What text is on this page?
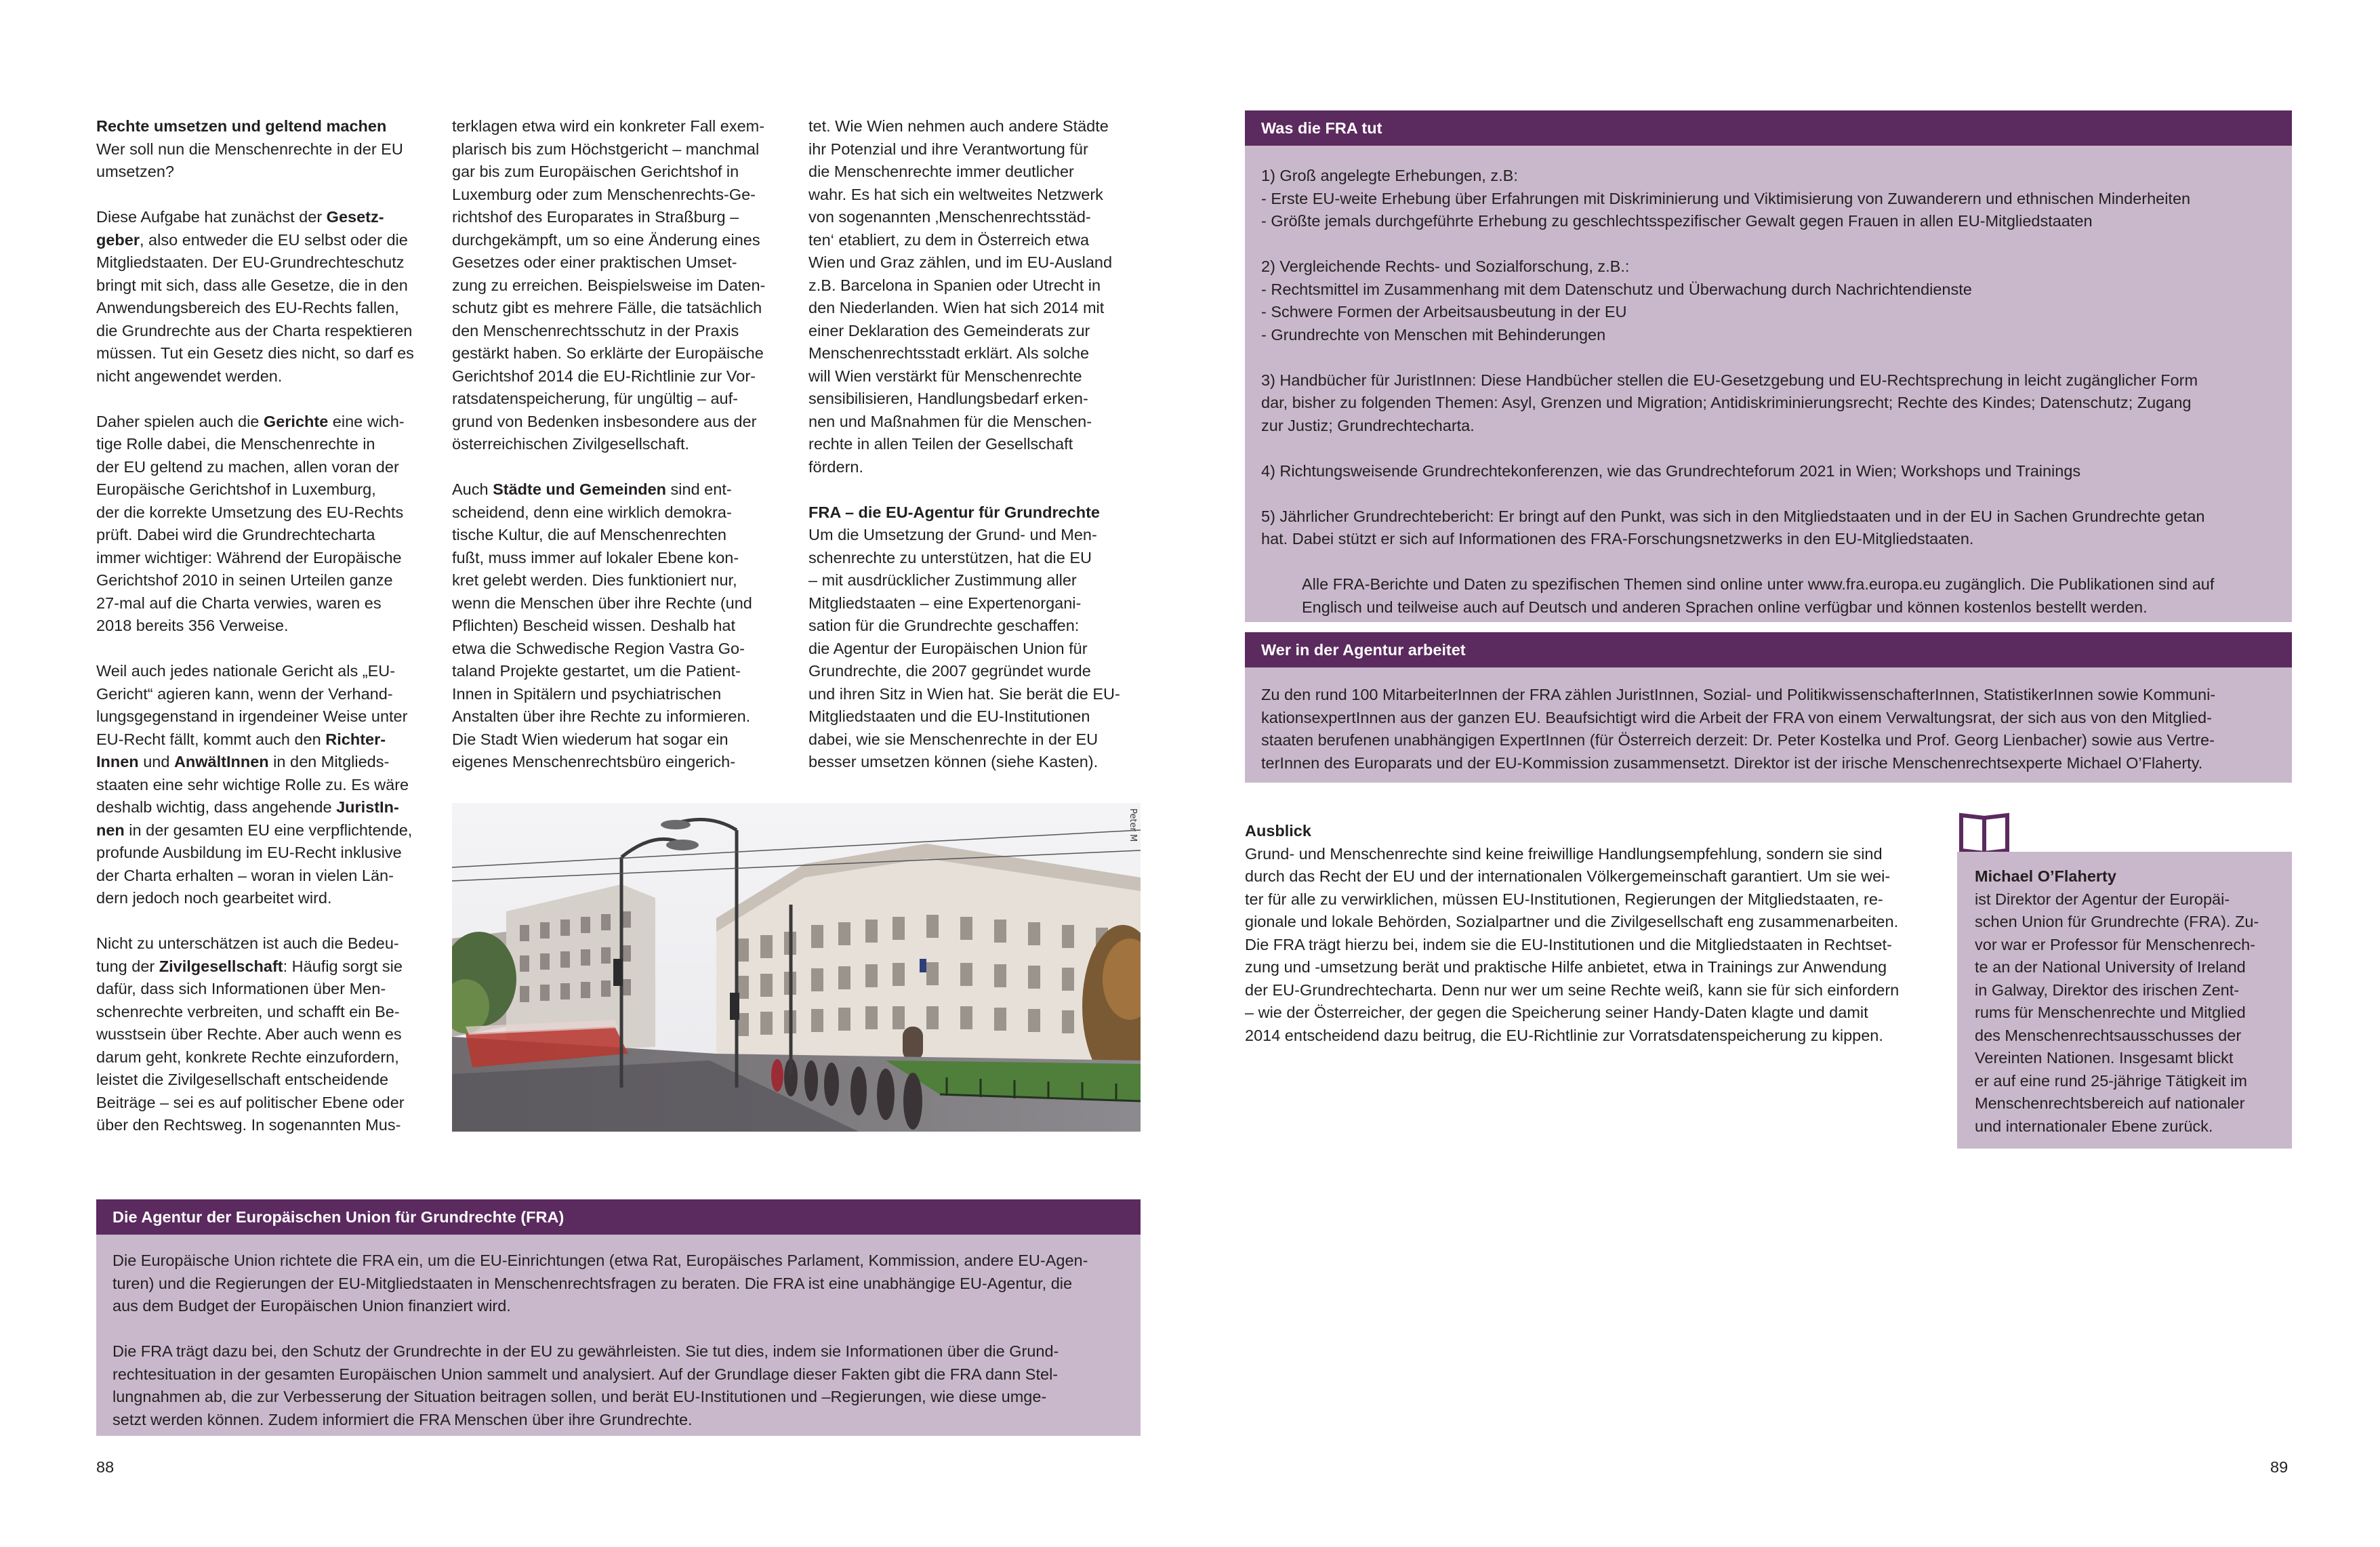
Rechte umsetzen und geltend machen
Wer soll nun die Menschenrechte in der EU
umsetzen?

Diese Aufgabe hat zunächst der Gesetz-
geber, also entweder die EU selbst oder die
Mitgliedstaaten. Der EU-Grundrechteschutz
bringt mit sich, dass alle Gesetze, die in den
Anwendungsbereich des EU-Rechts fallen,
die Grundrechte aus der Charta respektieren
müssen. Tut ein Gesetz dies nicht, so darf es
nicht angewendet werden.

Daher spielen auch die Gerichte eine wich-
tige Rolle dabei, die Menschenrechte in
der EU geltend zu machen, allen voran der
Europäische Gerichtshof in Luxemburg,
der die korrekte Umsetzung des EU-Rechts
prüft. Dabei wird die Grundrechtecharta
immer wichtiger: Während der Europäische
Gerichtshof 2010 in seinen Urteilen ganze
27-mal auf die Charta verwies, waren es
2018 bereits 356 Verweise.

Weil auch jedes nationale Gericht als „EU-
Gericht“ agieren kann, wenn der Verhand-
lungsgegenstand in irgendeiner Weise unter
EU-Recht fällt, kommt auch den Richter-
Innen und AnwältInnen in den Mitglieds-
staaten eine sehr wichtige Rolle zu. Es wäre
deshalb wichtig, dass angehende JuristIn-
nen in der gesamten EU eine verpflichtende,
profunde Ausbildung im EU-Recht inklusive
der Charta erhalten – woran in vielen Län-
dern jedoch noch gearbeitet wird.

Nicht zu unterschätzen ist auch die Bedeu-
tung der Zivilgesellschaft: Häufig sorgt sie
dafür, dass sich Informationen über Men-
schenrechte verbreiten, und schafft ein Be-
wusstsein über Rechte. Aber auch wenn es
darum geht, konkrete Rechte einzufordern,
leistet die Zivilgesellschaft entscheidende
Beiträge – sei es auf politischer Ebene oder
über den Rechtsweg. In sogenannten Mus-

terklagen etwa wird ein konkreter Fall exem-
plarisch bis zum Höchstgericht – manchmal
gar bis zum Europäischen Gerichtshof in
Luxemburg oder zum Menschenrechts-Ge-
richtshof des Europarates in Straßburg –
durchgekämpft, um so eine Änderung eines
Gesetzes oder einer praktischen Umset-
zung zu erreichen. Beispielsweise im Daten-
schutz gibt es mehrere Fälle, die tatsächlich
den Menschenrechtsschutz in der Praxis
gestärkt haben. So erklärte der Europäische
Gerichtshof 2014 die EU-Richtlinie zur Vor-
ratsdatenspeicherung, für ungültig – auf-
grund von Bedenken insbesondere aus der
österreichischen Zivilgesellschaft.

Auch Städte und Gemeinden sind ent-
scheidend, denn eine wirklich demokra-
tische Kultur, die auf Menschenrechten
fußt, muss immer auf lokaler Ebene kon-
kret gelebt werden. Dies funktioniert nur,
wenn die Menschen über ihre Rechte (und
Pflichten) Bescheid wissen. Deshalb hat
etwa die Schwedische Region Vastra Go-
taland Projekte gestartet, um die Patient-
Innen in Spitälern und psychiatrischen
Anstalten über ihre Rechte zu informieren.
Die Stadt Wien wiederum hat sogar ein
eigenes Menschenrechtsbüro eingerich-

tet. Wie Wien nehmen auch andere Städte
ihr Potenzial und ihre Verantwortung für
die Menschenrechte immer deutlicher
wahr. Es hat sich ein weltweites Netzwerk
von sogenannten ‚Menschenrechtsstäd-
ten‘ etabliert, zu dem in Österreich etwa
Wien und Graz zählen, und im EU-Ausland
z.B. Barcelona in Spanien oder Utrecht in
den Niederlanden. Wien hat sich 2014 mit
einer Deklaration des Gemeinderats zur
Menschenrechtsstadt erklärt. Als solche
will Wien verstärkt für Menschenrechte
sensibilisieren, Handlungsbedarf erken-
nen und Maßnahmen für die Menschen-
rechte in allen Teilen der Gesellschaft
fördern.

FRA – die EU-Agentur für Grundrechte
Um die Umsetzung der Grund- und Men-
schenrechte zu unterstützen, hat die EU
– mit ausdrücklicher Zustimmung aller
Mitgliedstaaten – eine Expertenorgani-
sation für die Grundrechte geschaffen:
die Agentur der Europäischen Union für
Grundrechte, die 2007 gegründet wurde
und ihren Sitz in Wien hat. Sie berät die EU-
Mitgliedstaaten und die EU-Institutionen
dabei, wie sie Menschenrechte in der EU
besser umsetzen können (siehe Kasten).

Peter M
Die Agentur der Europäischen Union für Grundrechte (FRA)

Die Europäische Union richtete die FRA ein, um die EU-Einrichtungen (etwa Rat, Europäisches Parlament, Kommission, andere EU-Agen-
turen) und die Regierungen der EU-Mitgliedstaaten in Menschenrechtsfragen zu beraten. Die FRA ist eine unabhängige EU-Agentur, die
aus dem Budget der Europäischen Union finanziert wird.

Die FRA trägt dazu bei, den Schutz der Grundrechte in der EU zu gewährleisten. Sie tut dies, indem sie Informationen über die Grund-
rechtesituation in der gesamten Europäischen Union sammelt und analysiert. Auf der Grundlage dieser Fakten gibt die FRA dann Stel-
lungnahmen ab, die zur Verbesserung der Situation beitragen sollen, und berät EU-Institutionen und –Regierungen, wie diese umge-
setzt werden können. Zudem informiert die FRA Menschen über ihre Grundrechte.

88
Was die FRA tut

1) Groß angelegte Erhebungen, z.B:
- Erste EU-weite Erhebung über Erfahrungen mit Diskriminierung und Viktimisierung von Zuwanderern und ethnischen Minderheiten
- Größte jemals durchgeführte Erhebung zu geschlechtsspezifischer Gewalt gegen Frauen in allen EU-Mitgliedstaaten

2) Vergleichende Rechts- und Sozialforschung, z.B.:
- Rechtsmittel im Zusammenhang mit dem Datenschutz und Überwachung durch Nachrichtendienste
- Schwere Formen der Arbeitsausbeutung in der EU
- Grundrechte von Menschen mit Behinderungen

3) Handbücher für JuristInnen: Diese Handbücher stellen die EU-Gesetzgebung und EU-Rechtsprechung in leicht zugänglicher Form
dar, bisher zu folgenden Themen: Asyl, Grenzen und Migration; Antidiskriminierungsrecht; Rechte des Kindes; Datenschutz; Zugang
zur Justiz; Grundrechtecharta.

4) Richtungsweisende Grundrechtekonferenzen, wie das Grundrechteforum 2021 in Wien; Workshops und Trainings

5) Jährlicher Grundrechtebericht: Er bringt auf den Punkt, was sich in den Mitgliedstaaten und in der EU in Sachen Grundrechte getan
hat. Dabei stützt er sich auf Informationen des FRA-Forschungsnetzwerks in den EU-Mitgliedstaaten.

Alle FRA-Berichte und Daten zu spezifischen Themen sind online unter www.fra.europa.eu zugänglich. Die Publikationen sind auf
Englisch und teilweise auch auf Deutsch und anderen Sprachen online verfügbar und können kostenlos bestellt werden.

Wer in der Agentur arbeitet

Zu den rund 100 MitarbeiterInnen der FRA zählen JuristInnen, Sozial- und PolitikwissenschafterInnen, StatistikerInnen sowie Kommuni-
kationsexpertInnen aus der ganzen EU. Beaufsichtigt wird die Arbeit der FRA von einem Verwaltungsrat, der sich aus von den Mitglied-
staaten berufenen unabhängigen ExpertInnen (für Österreich derzeit: Dr. Peter Kostelka und Prof. Georg Lienbacher) sowie aus Vertre-
terInnen des Europarats und der EU-Kommission zusammensetzt. Direktor ist der irische Menschenrechtsexperte Michael O’Flaherty.

Ausblick
Grund- und Menschenrechte sind keine freiwillige Handlungsempfehlung, sondern sie sind
durch das Recht der EU und der internationalen Völkergemeinschaft garantiert. Um sie wei-
ter für alle zu verwirklichen, müssen EU-Institutionen, Regierungen der Mitgliedstaaten, re-
gionale und lokale Behörden, Sozialpartner und die Zivilgesellschaft eng zusammenarbeiten.
Die FRA trägt hierzu bei, indem sie die EU-Institutionen und die Mitgliedstaaten in Rechtset-
zung und -umsetzung berät und praktische Hilfe anbietet, etwa in Trainings zur Anwendung
der EU-Grundrechtecharta. Denn nur wer um seine Rechte weiß, kann sie für sich einfordern
– wie der Österreicher, der gegen die Speicherung seiner Handy-Daten klagte und damit
2014 entscheidend dazu beitrug, die EU-Richtlinie zur Vorratsdatenspeicherung zu kippen.

Michael O’Flaherty
ist Direktor der Agentur der Europäi-
schen Union für Grundrechte (FRA). Zu-
vor war er Professor für Menschenrech-
te an der National University of Ireland
in Galway, Direktor des irischen Zent-
rums für Menschenrechte und Mitglied
des Menschenrechtsausschusses der
Vereinten Nationen. Insgesamt blickt
er auf eine rund 25-jährige Tätigkeit im
Menschenrechtsbereich auf nationaler
und internationaler Ebene zurück.

89
